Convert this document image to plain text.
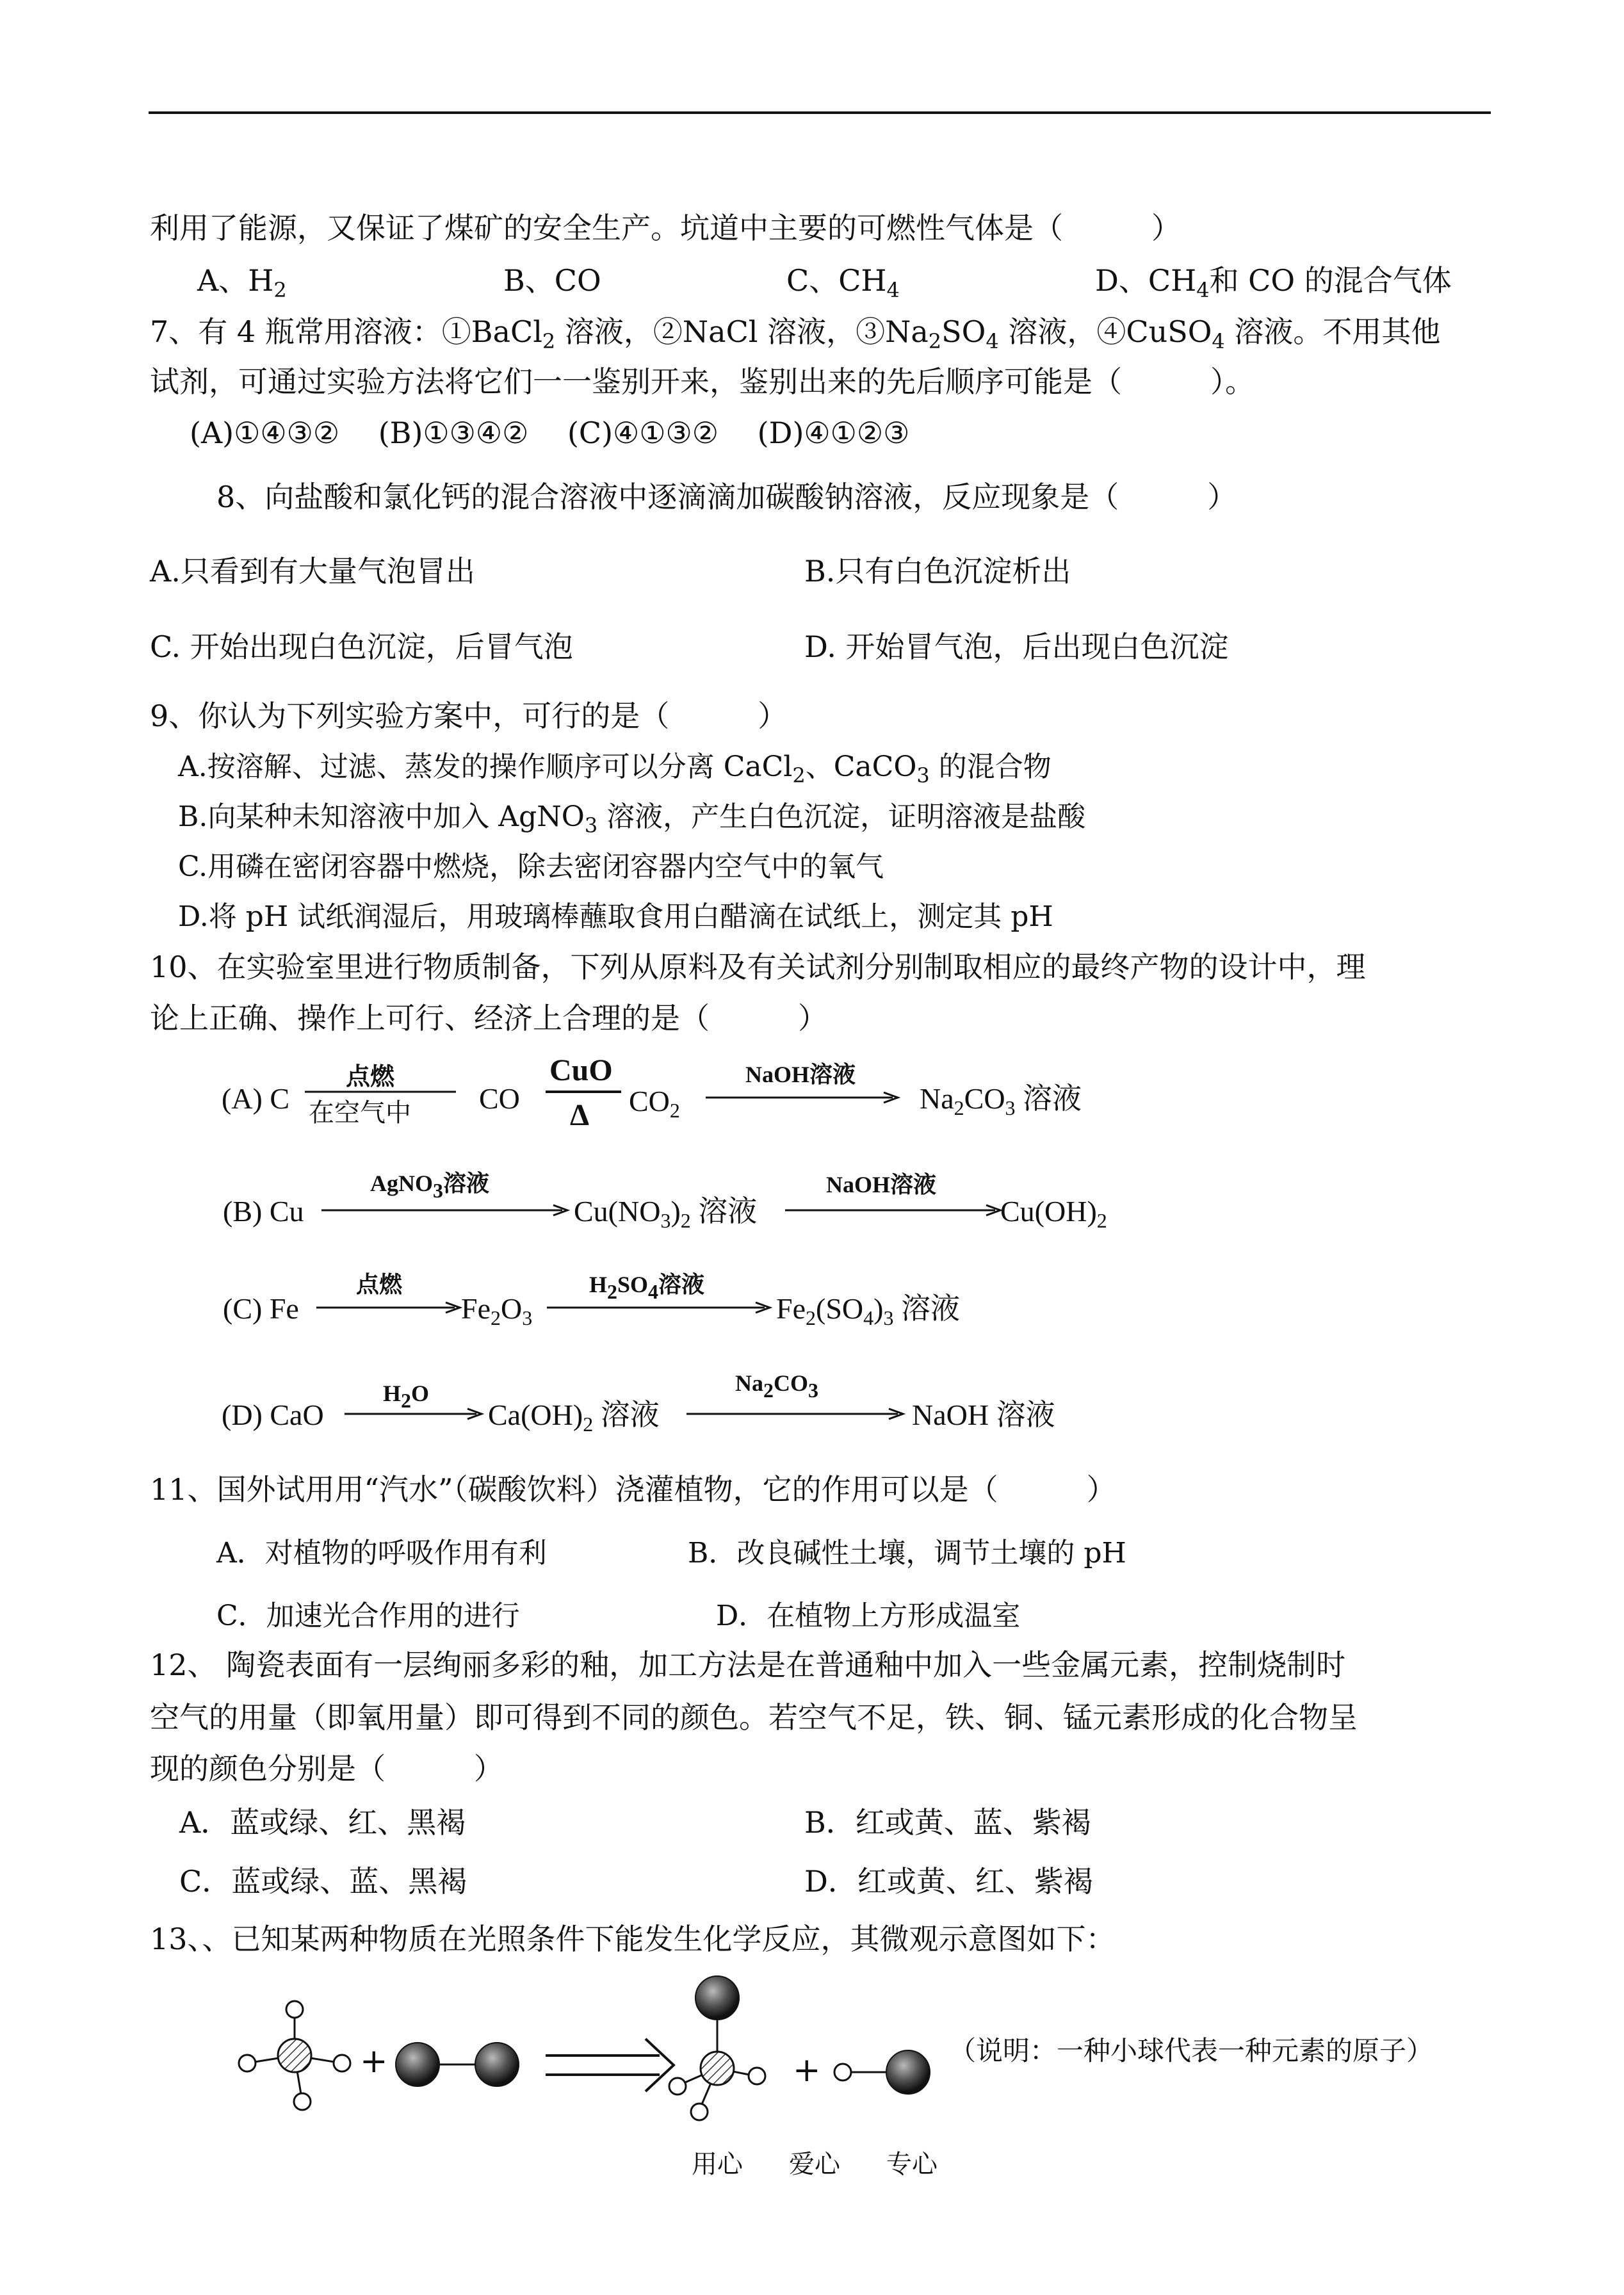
利用了能源，又保证了煤矿的安全生产。坑道中主要的可燃性气体是（　　　）
A、$H_2$	B、CO	C、$CH_4$	D、$CH_4$和 CO 的混合气体
7、有 4 瓶常用溶液：①BaCl$_2$ 溶液，②NaCl 溶液，$③Na_2SO_4$ 溶液，④CuSO$_4$ 溶液。不用其他
试剂，可通过实验方法将它们一一鉴别开来，鉴别出来的先后顺序可能是（　　　）。
(A)①④③②　 (B)①③④②　 (C)④①③②　 (D)④①②③
8、向盐酸和氯化钙的混合溶液中逐滴滴加碳酸钠溶液，反应现象是（　　　）
A.只看到有大量气泡冒出	B.只有白色沉淀析出
C. 开始出现白色沉淀，后冒气泡	D. 开始冒气泡，后出现白色沉淀
9、你认为下列实验方案中，可行的是（　　　）
A.按溶解、过滤、蒸发的操作顺序可以分离 CaCl$_2$、CaCO$_3$ 的混合物
B.向某种未知溶液中加入 AgNO$_3$ 溶液，产生白色沉淀，证明溶液是盐酸
C.用磷在密闭容器中燃烧，除去密闭容器内空气中的氧气
D.将 pH 试纸润湿后，用玻璃棒蘸取食用白醋滴在试纸上，测定其 pH
10、在实验室里进行物质制备，下列从原料及有关试剂分别制取相应的最终产物的设计中，理
论上正确、操作上可行、经济上合理的是（　　　）
(A) C
点燃
在空气中 CO
CuO
Δ $CO_2$
NaOH溶液
$Na_2CO_3$ 溶液
(B) Cu
AgNO3溶液
$Cu(NO_3)_2$ 溶液
NaOH溶液
$Cu(OH)_2$
(C) Fe
点燃
$Fe_2O_3$
H2SO4溶液
$Fe_2(SO_4)_3$ 溶液
(D) CaO
H2O
$Ca(OH)_2$ 溶液
Na2CO3
NaOH 溶液
11、国外试用用“汽水”（碳酸饮料）浇灌植物，它的作用可以是（　　　）
A．对植物的呼吸作用有利	B．改良碱性土壤，调节土壤的 pH
C．加速光合作用的进行	D．在植物上方形成温室
12、 陶瓷表面有一层绚丽多彩的釉，加工方法是在普通釉中加入一些金属元素，控制烧制时
空气的用量（即氧用量）即可得到不同的颜色。若空气不足，铁、铜、锰元素形成的化合物呈
现的颜色分别是（　　　）
A．蓝或绿、红、黑褐	B．红或黄、蓝、紫褐
C．蓝或绿、蓝、黑褐	D．红或黄、红、紫褐
13、、已知某两种物质在光照条件下能发生化学反应，其微观示意图如下：
+	+
（说明：一种小球代表一种元素的原子）
用心 爱心 专心
